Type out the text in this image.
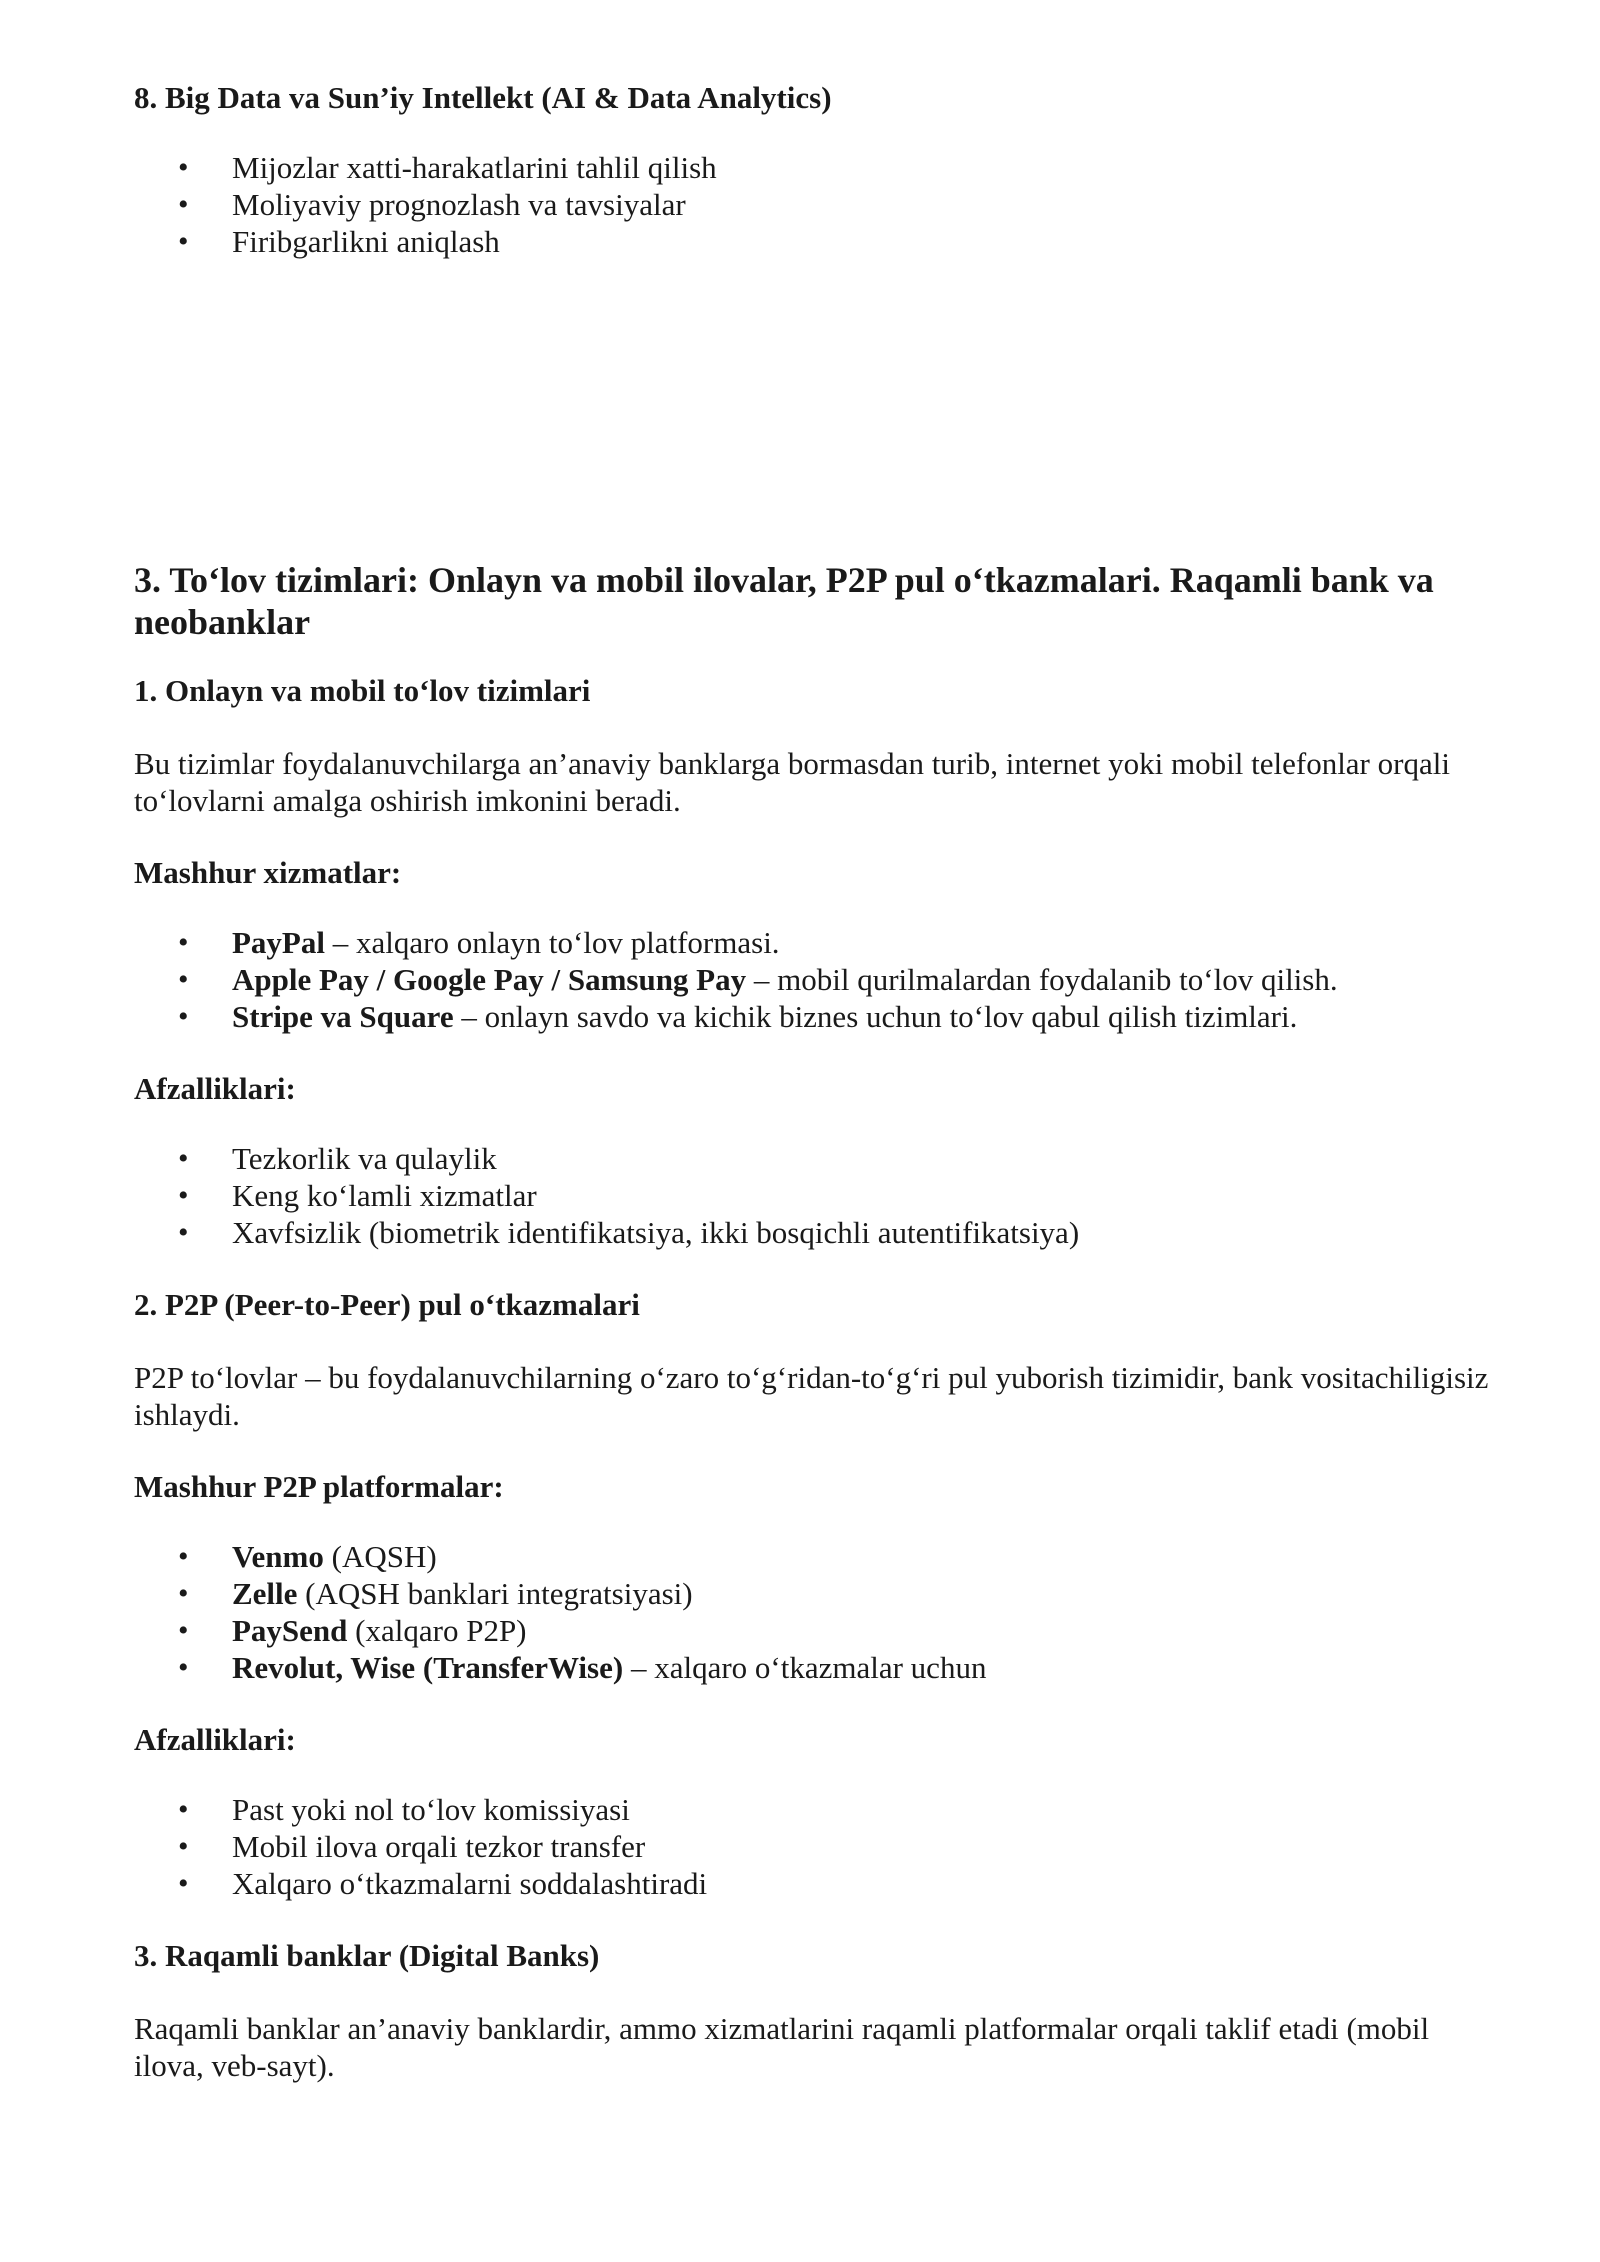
8. Big Data va Sun’iy Intellekt (AI & Data Analytics)
• Mijozlar xatti-harakatlarini tahlil qilish
• Moliyaviy prognozlash va tavsiyalar
• Firibgarlikni aniqlash
3. To‘lov tizimlari: Onlayn va mobil ilovalar, P2P pul o‘tkazmalari. Raqamli bank va neobanklar
1. Onlayn va mobil to‘lov tizimlari

Bu tizimlar foydalanuvchilarga an’anaviy banklarga bormasdan turib, internet yoki mobil telefonlar orqali to‘lovlarni amalga oshirish imkonini beradi.

Mashhur xizmatlar:

• PayPal – xalqaro onlayn to‘lov platformasi.
• Apple Pay / Google Pay / Samsung Pay – mobil qurilmalardan foydalanib to‘lov qilish.
• Stripe va Square – onlayn savdo va kichik biznes uchun to‘lov qabul qilish tizimlari.

Afzalliklari:

• Tezkorlik va qulaylik
• Keng ko‘lamli xizmatlar
• Xavfsizlik (biometrik identifikatsiya, ikki bosqichli autentifikatsiya)
2. P2P (Peer-to-Peer) pul o‘tkazmalari

P2P to‘lovlar – bu foydalanuvchilarning o‘zaro to‘g‘ridan-to‘g‘ri pul yuborish tizimidir, bank vositachiligisiz ishlaydi.

Mashhur P2P platformalar:

• Venmo (AQSH)
• Zelle (AQSH banklari integratsiyasi)
• PaySend (xalqaro P2P)
• Revolut, Wise (TransferWise) – xalqaro o‘tkazmalar uchun

Afzalliklari:

• Past yoki nol to‘lov komissiyasi
• Mobil ilova orqali tezkor transfer
• Xalqaro o‘tkazmalarni soddalashtiradi
3. Raqamli banklar (Digital Banks)

Raqamli banklar an’anaviy banklardir, ammo xizmatlarini raqamli platformalar orqali taklif etadi (mobil ilova, veb-sayt).
